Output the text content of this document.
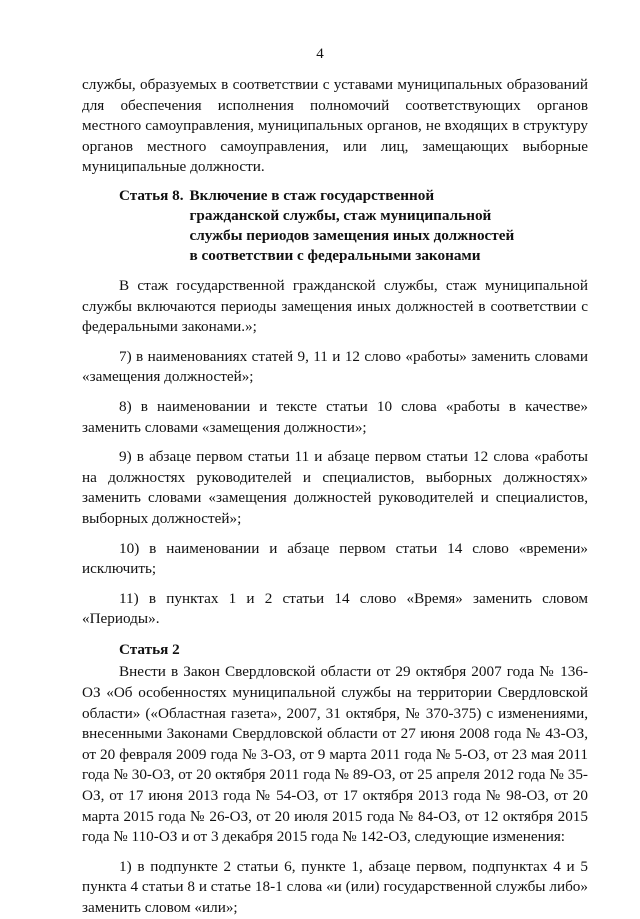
4

службы, образуемых в соответствии с уставами муниципальных образований для обеспечения исполнения полномочий соответствующих органов местного самоуправления, муниципальных органов, не входящих в структуру органов местного самоуправления, или лиц, замещающих выборные муниципальные должности.

Статья 8. Включение в стаж государственной
гражданской службы, стаж муниципальной
службы периодов замещения иных должностей
в соответствии с федеральными законами

В стаж государственной гражданской службы, стаж муниципальной службы включаются периоды замещения иных должностей в соответствии с федеральными законами.»;

7) в наименованиях статей 9, 11 и 12 слово «работы» заменить словами «замещения должностей»;

8) в наименовании и тексте статьи 10 слова «работы в качестве» заменить словами «замещения должности»;

9) в абзаце первом статьи 11 и абзаце первом статьи 12 слова «работы на должностях руководителей и специалистов, выборных должностях» заменить словами «замещения должностей руководителей и специалистов, выборных должностей»;

10) в наименовании и абзаце первом статьи 14 слово «времени» исключить;

11) в пунктах 1 и 2 статьи 14 слово «Время» заменить словом «Периоды».

Статья 2

Внести в Закон Свердловской области от 29 октября 2007 года № 136-ОЗ «Об особенностях муниципальной службы на территории Свердловской области» («Областная газета», 2007, 31 октября, № 370-375) с изменениями, внесенными Законами Свердловской области от 27 июня 2008 года № 43-ОЗ, от 20 февраля 2009 года № 3-ОЗ, от 9 марта 2011 года № 5-ОЗ, от 23 мая 2011 года № 30-ОЗ, от 20 октября 2011 года № 89-ОЗ, от 25 апреля 2012 года № 35-ОЗ, от 17 июня 2013 года № 54-ОЗ, от 17 октября 2013 года № 98-ОЗ, от 20 марта 2015 года № 26-ОЗ, от 20 июля 2015 года № 84-ОЗ, от 12 октября 2015 года № 110-ОЗ и от 3 декабря 2015 года № 142-ОЗ, следующие изменения:

1) в подпункте 2 статьи 6, пункте 1, абзаце первом, подпунктах 4 и 5 пункта 4 статьи 8 и статье 18-1 слова «и (или) государственной службы либо» заменить словом «или»;
